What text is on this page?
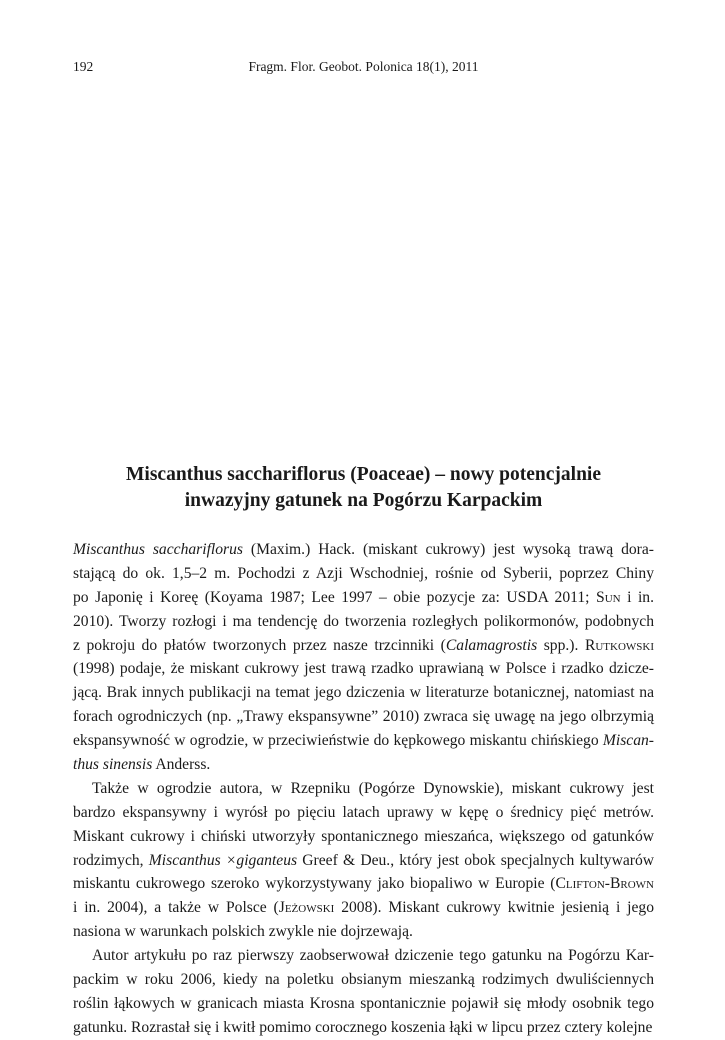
192	Fragm. Flor. Geobot. Polonica 18(1), 2011
Miscanthus sacchariflorus (Poaceae) – nowy potencjalnie
inwazyjny gatunek na Pogórzu Karpackim
Miscanthus sacchariflorus (Maxim.) Hack. (miskant cukrowy) jest wysoką trawą dora-
stającą do ok. 1,5–2 m. Pochodzi z Azji Wschodniej, rośnie od Syberii, poprzez Chiny
po Japonię i Koreę (Koyama 1987; Lee 1997 – obie pozycje za: USDA 2011; Sun i in.
2010). Tworzy rozłogi i ma tendencję do tworzenia rozległych polikormonów, podobnych
z pokroju do płatów tworzonych przez nasze trzcinniki (Calamagrostis spp.). Rutkowski
(1998) podaje, że miskant cukrowy jest trawą rzadko uprawianą w Polsce i rzadko dzicze-
jącą. Brak innych publikacji na temat jego dziczenia w literaturze botanicznej, natomiast na
forach ogrodniczych (np. „Trawy ekspansywne” 2010) zwraca się uwagę na jego olbrzymią
ekspansywność w ogrodzie, w przeciwieństwie do kępkowego miskantu chińskiego Miscan-
thus sinensis Anderss.
Także w ogrodzie autora, w Rzepniku (Pogórze Dynowskie), miskant cukrowy jest
bardzo ekspansywny i wyrósł po pięciu latach uprawy w kępę o średnicy pięć metrów.
Miskant cukrowy i chiński utworzyły spontanicznego mieszańca, większego od gatunków
rodzimych, Miscanthus ×giganteus Greef & Deu., który jest obok specjalnych kultywarów
miskantu cukrowego szeroko wykorzystywany jako biopaliwo w Europie (Clifton-Brown
i in. 2004), a także w Polsce (Jeżowski 2008). Miskant cukrowy kwitnie jesienią i jego
nasiona w warunkach polskich zwykle nie dojrzewają.
Autor artykułu po raz pierwszy zaobserwował dziczenie tego gatunku na Pogórzu Kar-
packim w roku 2006, kiedy na poletku obsianym mieszanką rodzimych dwuliściennych
roślin łąkowych w granicach miasta Krosna spontanicznie pojawił się młody osobnik tego
gatunku. Rozrastał się i kwitł pomimo corocznego koszenia łąki w lipcu przez cztery kolejne
